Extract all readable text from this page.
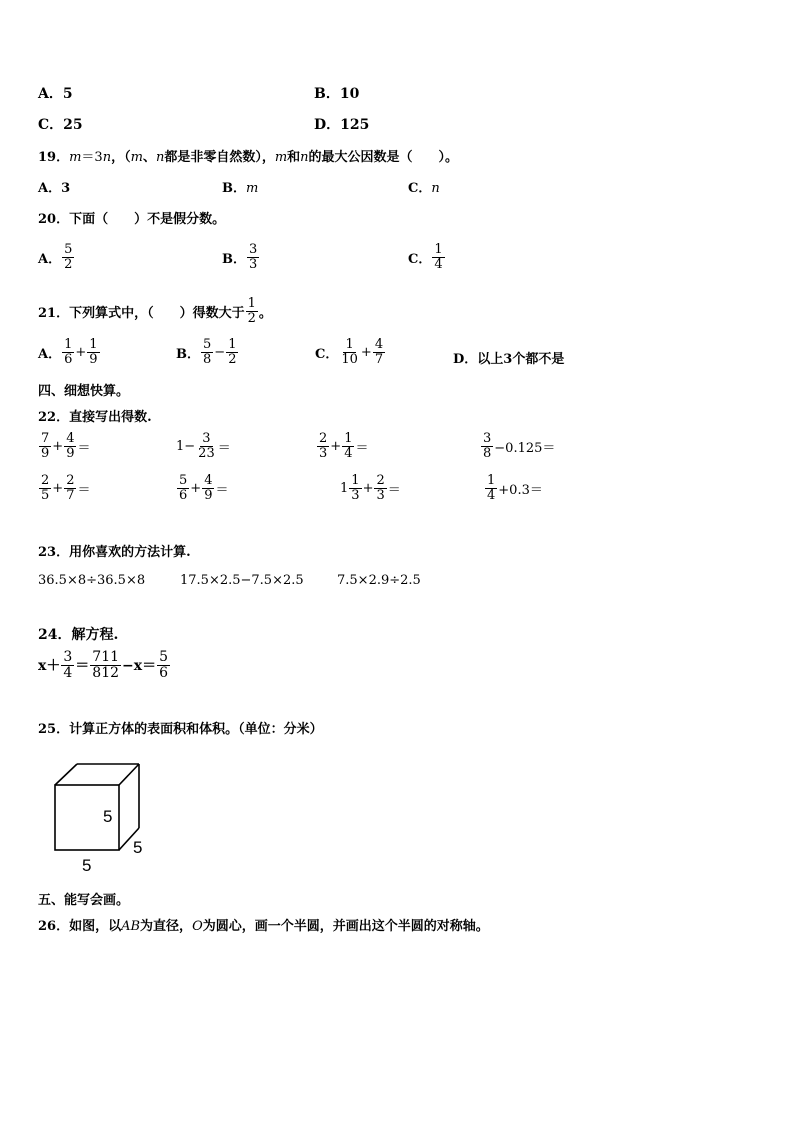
A．5	B．10
C．25	D．125
19．m＝3n，（m、n都是非零自然数），m和n的最大公因数是（　　）。
A．3	B．m	C．n
20．下面（　　）不是假分数。
A． $\frac{5}{2}$	B． $\frac{3}{3}$	C． $\frac{1}{4}$
21．下列算式中，（　　）得数大于 $\frac{1}{2}$ 。
A． $\frac{1}{6} + \frac{1}{9}$	B． $\frac{5}{8} - \frac{1}{2}$	C． $\frac{1}{10} + \frac{4}{7}$	D．以上3个都不是
四、细想快算。
22．直接写出得数.
$\frac{7}{9} + \frac{4}{9}$ ＝	$1- \frac{3}{23}$ ＝	$\frac{2}{3} + \frac{1}{4}$ ＝	$\frac{3}{8} -0.125=$
$\frac{2}{5} + \frac{2}{7}$ ＝	$\frac{5}{6} + \frac{4}{9}$ ＝	$1 \frac{1}{3} + \frac{2}{3}$ ＝	$\frac{1}{4} +0.3=$
23．用你喜欢的方法计算.
36.5×8÷36.5×8	17.5×2.5−7.5×2.5	7.5×2.9÷2.5
24．解方程.
$x+ \frac{3}{4} = \frac{711}{812} -x= \frac{5}{6}$
25．计算正方体的表面积和体积。（单位：分米）
5
5
5
五、能写会画。
26．如图，以AB为直径，O为圆心，画一个半圆，并画出这个半圆的对称轴。
